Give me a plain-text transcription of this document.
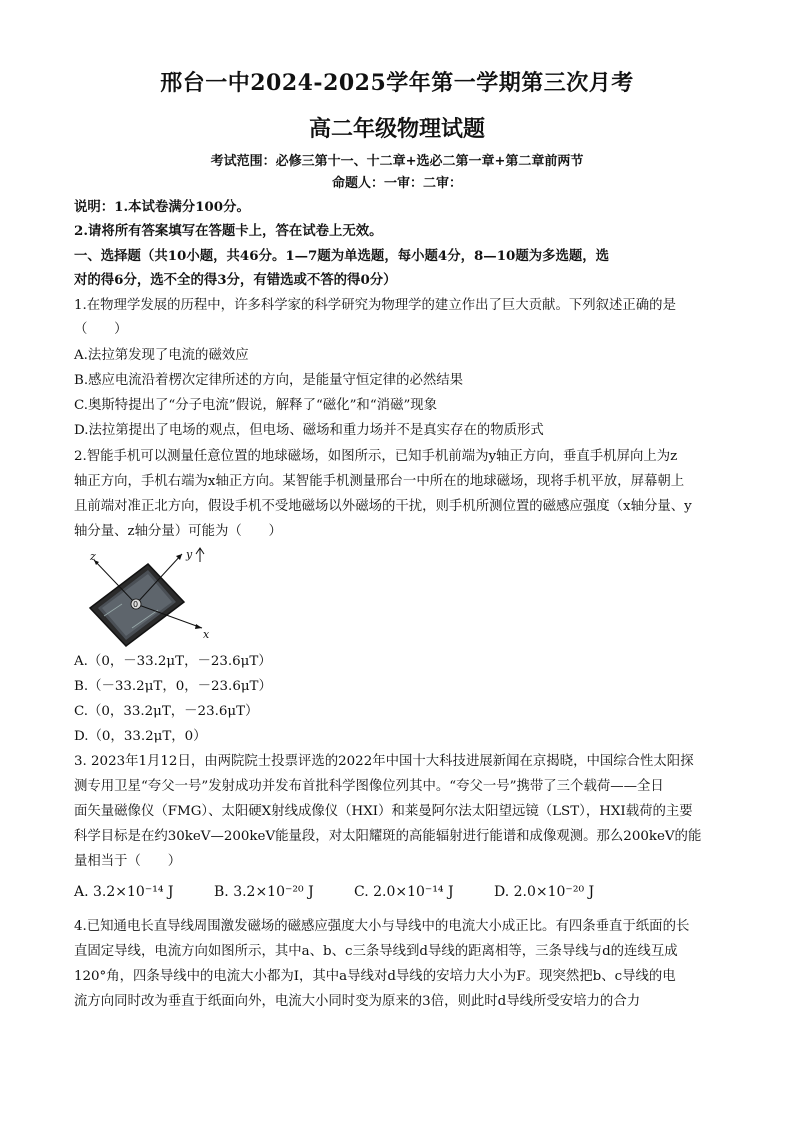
邢台一中2024-2025学年第一学期第三次月考
高二年级物理试题
考试范围：必修三第十一、十二章+选必二第一章+第二章前两节
命题人：一审：二审：
说明：1.本试卷满分100分。
2.请将所有答案填写在答题卡上，答在试卷上无效。
一、选择题（共10小题，共46分。1—7题为单选题，每小题4分，8—10题为多选题，选
对的得6分，选不全的得3分，有错选或不答的得0分）
1.在物理学发展的历程中，许多科学家的科学研究为物理学的建立作出了巨大贡献。下列叙述正确的是
（　　）
A.法拉第发现了电流的磁效应
B.感应电流沿着楞次定律所述的方向，是能量守恒定律的必然结果
C.奥斯特提出了“分子电流”假说，解释了“磁化”和“消磁”现象
D.法拉第提出了电场的观点，但电场、磁场和重力场并不是真实存在的物质形式
2.智能手机可以测量任意位置的地球磁场，如图所示，已知手机前端为y轴正方向，垂直手机屏向上为z
轴正方向，手机右端为x轴正方向。某智能手机测量邢台一中所在的地球磁场，现将手机平放，屏幕朝上
且前端对准正北方向，假设手机不受地磁场以外磁场的干扰，则手机所测位置的磁感应强度（x轴分量、y
轴分量、z轴分量）可能为（　　）
0
z	y
x
A.（0，－33.2μT，－23.6μT）
B.（－33.2μT，0，－23.6μT）
C.（0，33.2μT，－23.6μT）
D.（0，33.2μT，0）
3. 2023年1月12日，由两院院士投票评选的2022年中国十大科技进展新闻在京揭晓，中国综合性太阳探
测专用卫星“夸父一号”发射成功并发布首批科学图像位列其中。“夸父一号”携带了三个载荷——全日
面矢量磁像仪（FMG）、太阳硬X射线成像仪（HXI）和莱曼阿尔法太阳望远镜（LST），HXI载荷的主要
科学目标是在约30keV—200keV能量段，对太阳耀斑的高能辐射进行能谱和成像观测。那么200keV的能
量相当于（　　）
A. 3.2×10⁻¹⁴ J	B. 3.2×10⁻²⁰ J	C. 2.0×10⁻¹⁴ J	D. 2.0×10⁻²⁰ J
4.已知通电长直导线周围激发磁场的磁感应强度大小与导线中的电流大小成正比。有四条垂直于纸面的长
直固定导线，电流方向如图所示，其中a、b、c三条导线到d导线的距离相等，三条导线与d的连线互成
120°角，四条导线中的电流大小都为I，其中a导线对d导线的安培力大小为F。现突然把b、c导线的电
流方向同时改为垂直于纸面向外，电流大小同时变为原来的3倍，则此时d导线所受安培力的合力
